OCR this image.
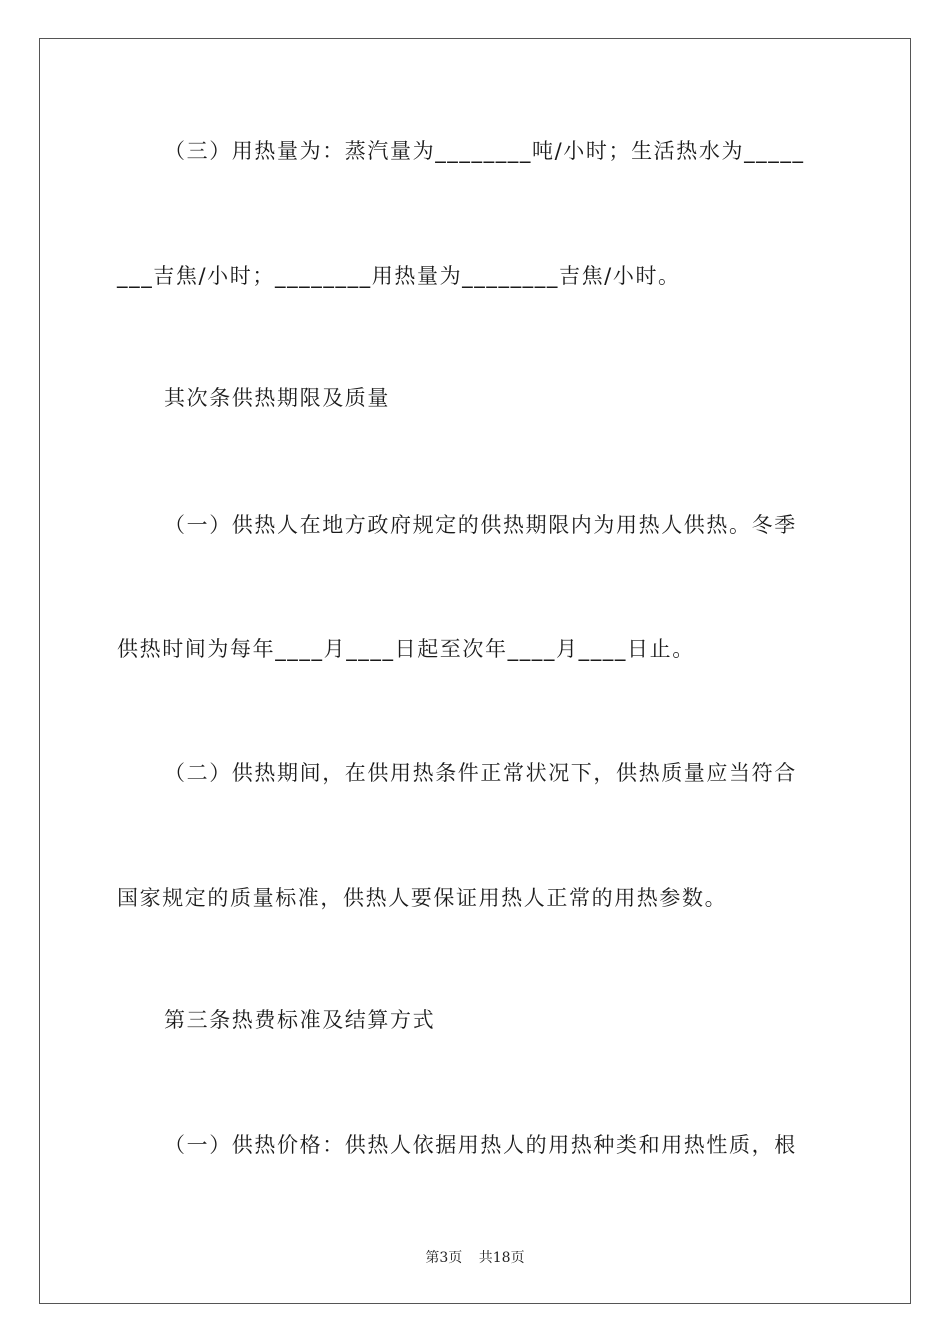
（三）用热量为：蒸汽量为________吨/小时；生活热水为_____
___吉焦/小时；________用热量为________吉焦/小时。
其次条供热期限及质量
（一）供热人在地方政府规定的供热期限内为用热人供热。冬季
供热时间为每年____月____日起至次年____月____日止。
（二）供热期间，在供用热条件正常状况下，供热质量应当符合
国家规定的质量标准，供热人要保证用热人正常的用热参数。
第三条热费标准及结算方式
（一）供热价格：供热人依据用热人的用热种类和用热性质，根
第3页 共18页
